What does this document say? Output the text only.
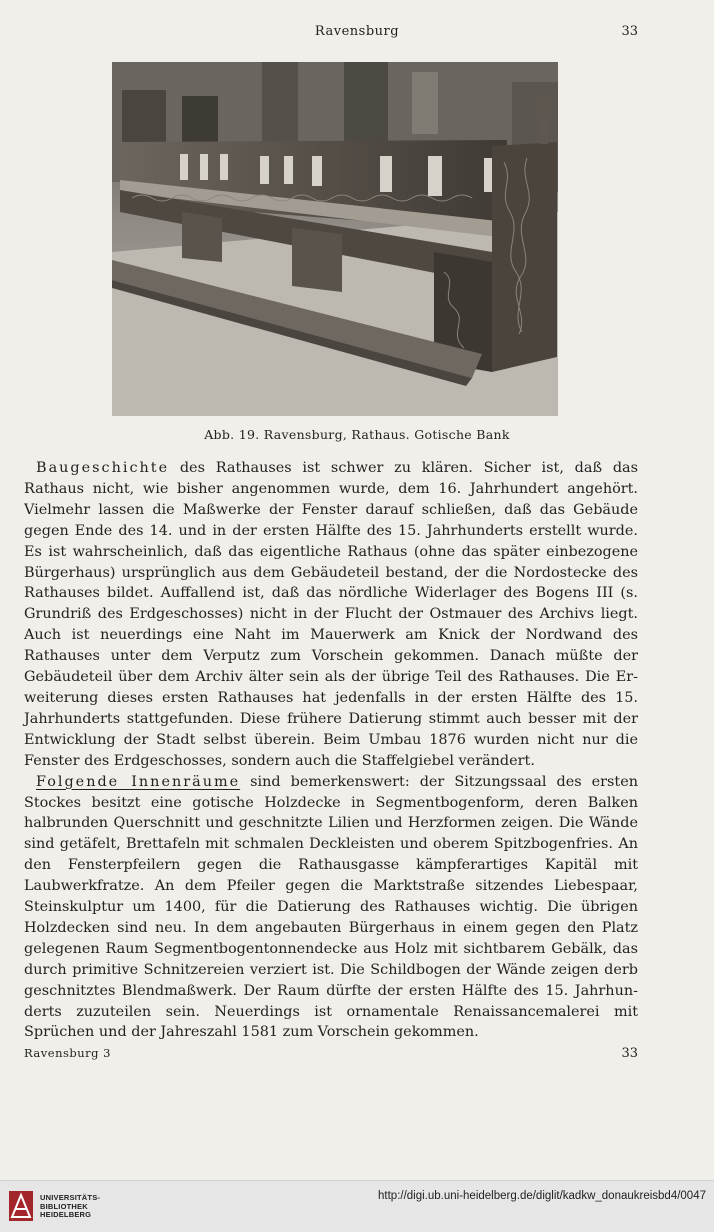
Ravensburg	33
Abb. 19. Ravensburg, Rathaus. Gotische Bank

Baugeschichte des Rathauses ist schwer zu klären. Sicher ist, daß das Rathaus nicht, wie bisher angenommen wurde, dem 16. Jahrhundert angehört. Vielmehr lassen die Maßwerke der Fenster darauf schließen, daß das Gebäude gegen Ende des 14. und in der ersten Hälfte des 15. Jahrhunderts erstellt wurde. Es ist wahrscheinlich, daß das eigentliche Rathaus (ohne das später einbezogene Bürgerhaus) ursprünglich aus dem Gebäudeteil bestand, der die Nordostecke des Rathauses bildet. Auffallend ist, daß das nördliche Widerlager des Bogens III (s. Grundriß des Erdgeschosses) nicht in der Flucht der Ostmauer des Archivs liegt. Auch ist neuerdings eine Naht im Mauerwerk am Knick der Nordwand des Rathauses unter dem Verputz zum Vorschein gekommen. Danach müßte der Gebäudeteil über dem Archiv älter sein als der übrige Teil des Rathauses. Die Erweiterung dieses ersten Rathauses hat jedenfalls in der ersten Hälfte des 15. Jahrhunderts stattgefunden. Diese frühere Datierung stimmt auch besser mit der Entwicklung der Stadt selbst überein. Beim Umbau 1876 wurden nicht nur die Fenster des Erdgeschosses, sondern auch die Staffelgiebel verändert.

Folgende Innenräume sind bemerkenswert: der Sitzungssaal des ersten Stockes besitzt eine gotische Holzdecke in Segmentbogenform, deren Balken halbrunden Querschnitt und geschnitzte Lilien und Herzformen zeigen. Die Wände sind getäfelt, Brettafeln mit schmalen Deckleisten und oberem Spitzbogenfries. An den Fensterpfeilern gegen die Rathausgasse kämpferartiges Kapitäl mit Laubwerkfratze. An dem Pfeiler gegen die Marktstraße sitzendes Liebespaar, Steinskulptur um 1400, für die Datierung des Rathauses wichtig. Die übrigen Holzdecken sind neu. In dem angebauten Bürgerhaus in einem gegen den Platz gelegenen Raum Segmentbogentonnendecke aus Holz mit sichtbarem Gebälk, das durch primitive Schnitzereien verziert ist. Die Schildbogen der Wände zeigen derb geschnitztes Blendmaßwerk. Der Raum dürfte der ersten Hälfte des 15. Jahrhunderts zuzuteilen sein. Neuerdings ist ornamentale Renaissancemalerei mit Sprüchen und der Jahreszahl 1581 zum Vorschein gekommen.

Ravensburg 3	33
UNIVERSITÄTS-
BIBLIOTHEK
HEIDELBERG
http://digi.ub.uni-heidelberg.de/diglit/kadkw_donaukreisbd4/0047
